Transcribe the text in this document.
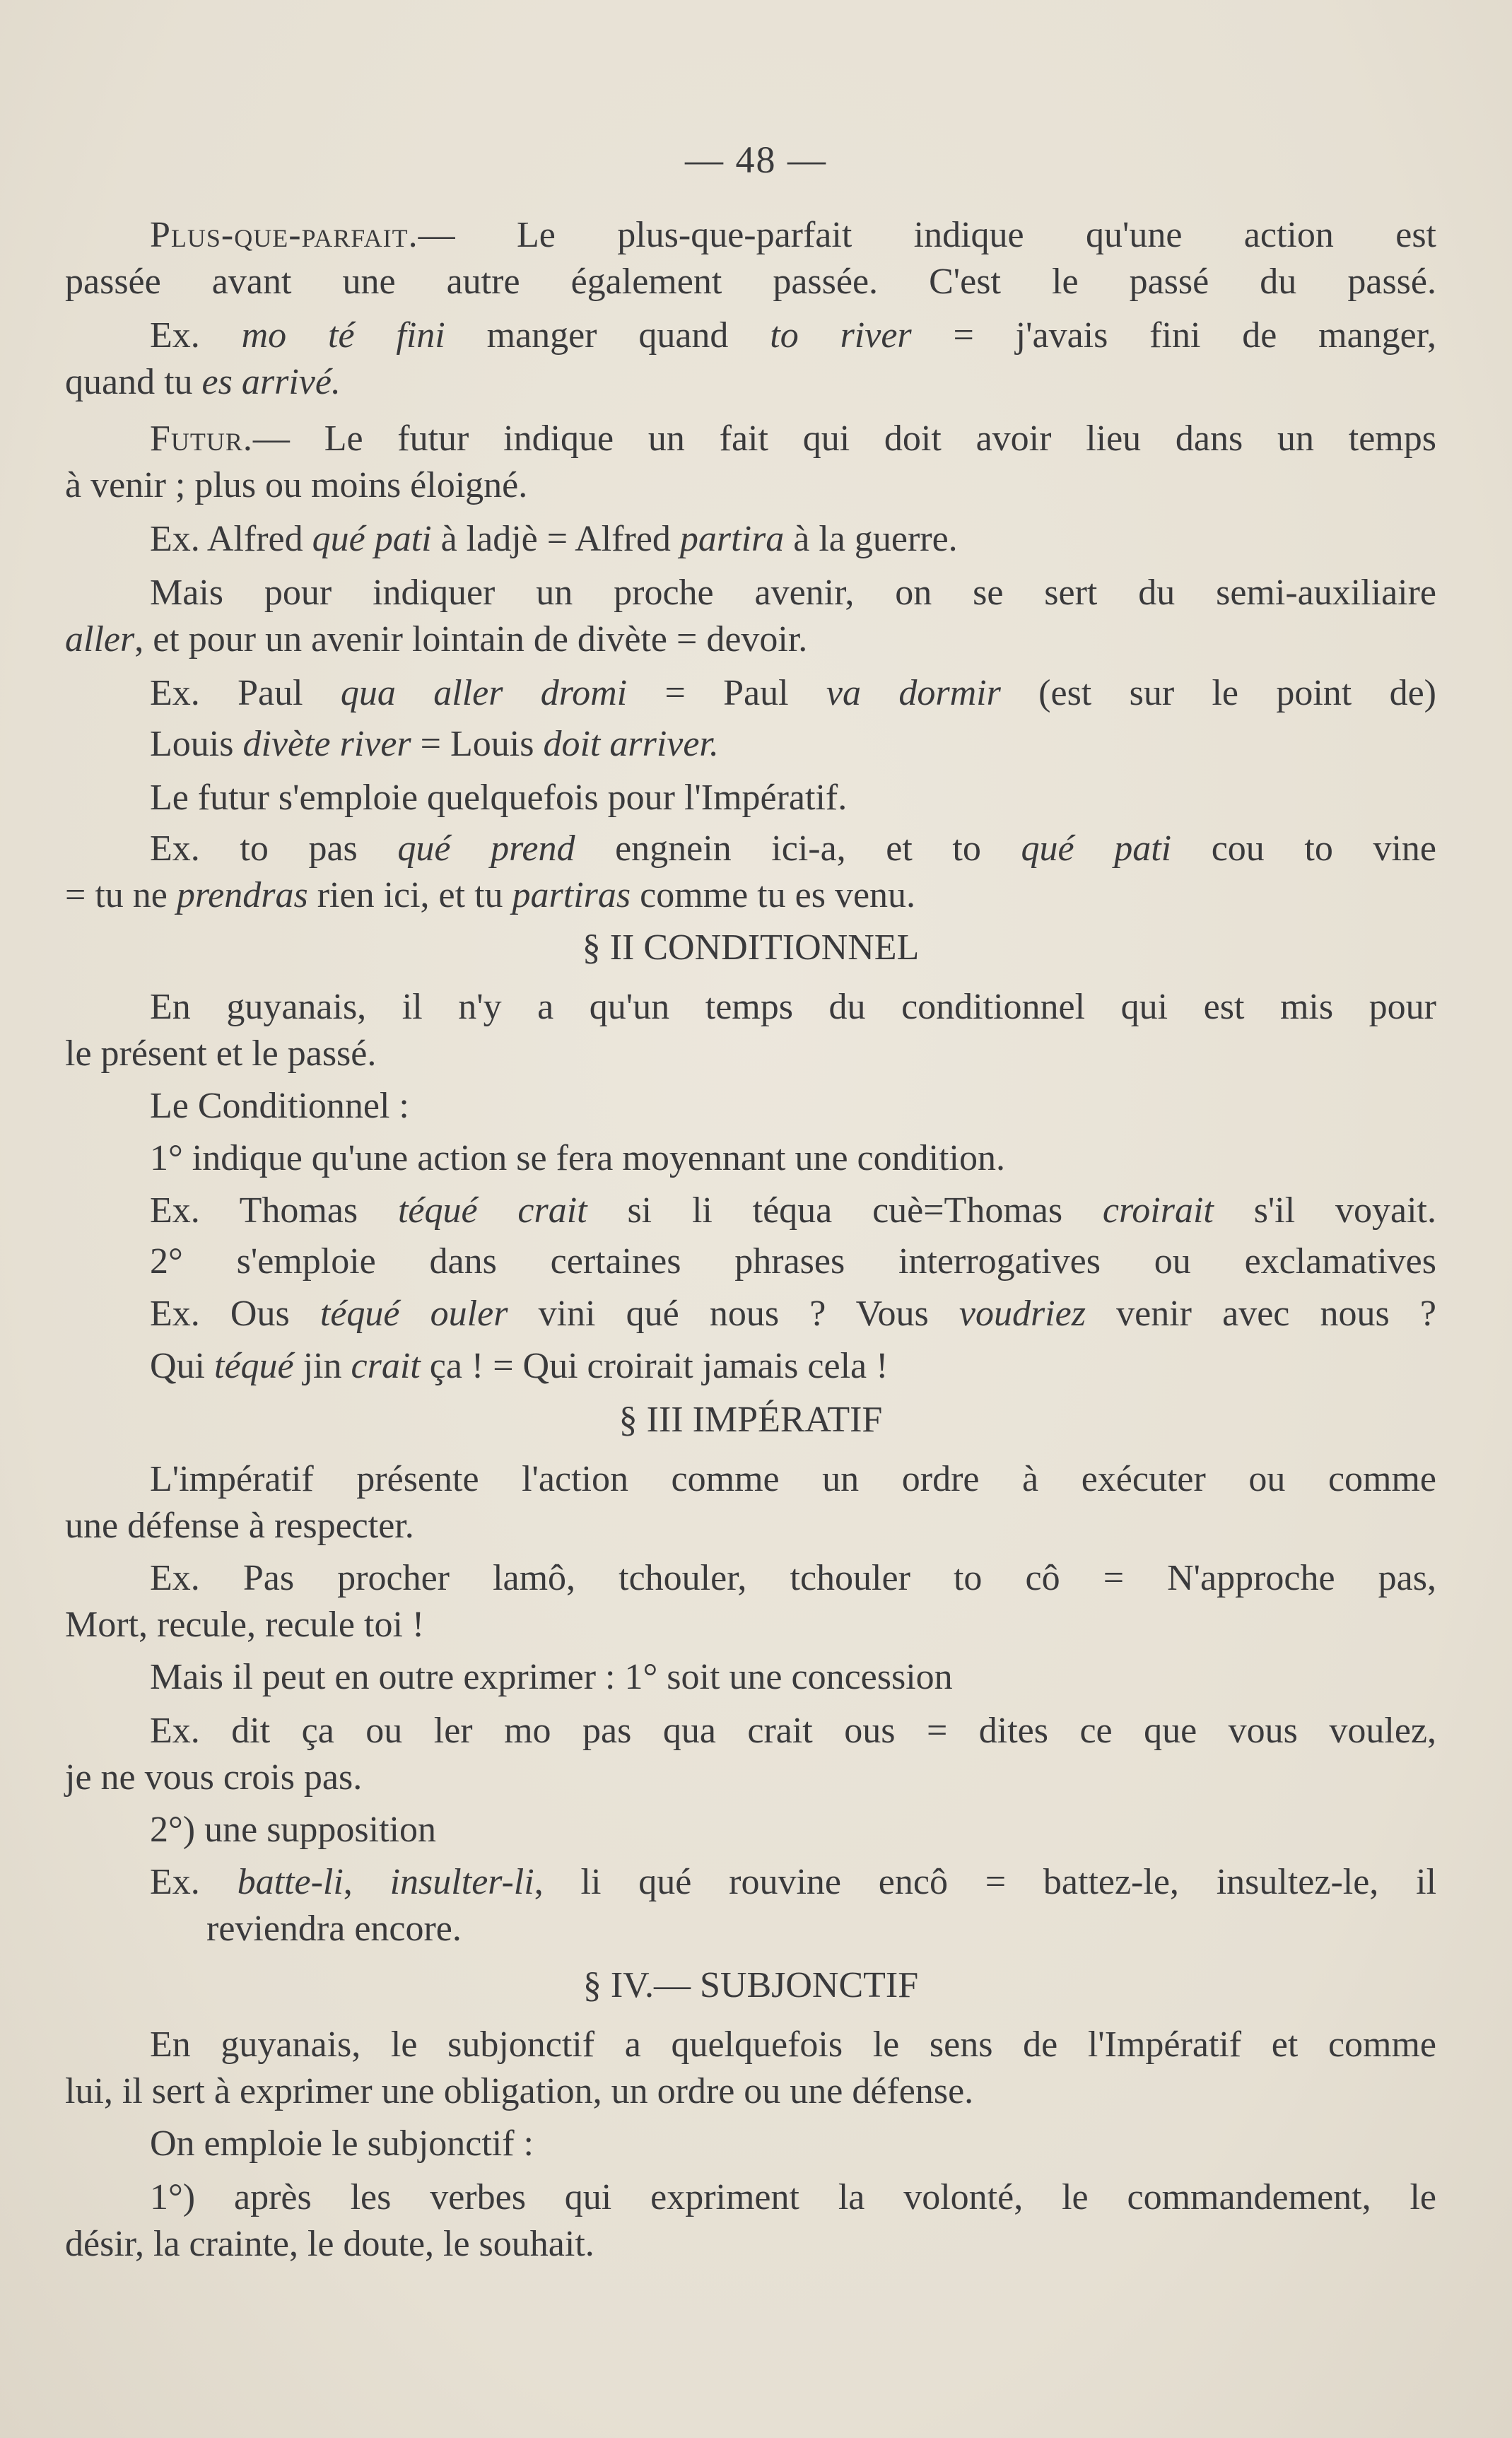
— 48 —
Plus-que-parfait.— Le plus-que-parfait indique qu'une action est
passée avant une autre également passée. C'est le passé du passé.
Ex. mo té fini manger quand to river = j'avais fini de manger,
quand tu es arrivé.
Futur.— Le futur indique un fait qui doit avoir lieu dans un temps
à venir ; plus ou moins éloigné.
Ex. Alfred qué pati à ladjè = Alfred partira à la guerre.
Mais pour indiquer un proche avenir, on se sert du semi-auxiliaire
aller, et pour un avenir lointain de divète = devoir.
Ex. Paul qua aller dromi = Paul va dormir (est sur le point de)
Louis divète river = Louis doit arriver.
Le futur s'emploie quelquefois pour l'Impératif.
Ex. to pas qué prend engnein ici-a, et to qué pati cou to vine
= tu ne prendras rien ici, et tu partiras comme tu es venu.
§ II CONDITIONNEL
En guyanais, il n'y a qu'un temps du conditionnel qui est mis pour
le présent et le passé.
Le Conditionnel :
1° indique qu'une action se fera moyennant une condition.
Ex. Thomas téqué crait si li téqua cuè=Thomas croirait s'il voyait.
2° s'emploie dans certaines phrases interrogatives ou exclamatives
Ex. Ous téqué ouler vini qué nous ? Vous voudriez venir avec nous ?
Qui téqué jin crait ça ! = Qui croirait jamais cela !
§ III IMPÉRATIF
L'impératif présente l'action comme un ordre à exécuter ou comme
une défense à respecter.
Ex. Pas procher lamô, tchouler, tchouler to cô = N'approche pas,
Mort, recule, recule toi !
Mais il peut en outre exprimer : 1° soit une concession
Ex. dit ça ou ler mo pas qua crait ous = dites ce que vous voulez,
je ne vous crois pas.
2°) une supposition
Ex. batte-li, insulter-li, li qué rouvine encô = battez-le, insultez-le, il
reviendra encore.
§ IV.— SUBJONCTIF
En guyanais, le subjonctif a quelquefois le sens de l'Impératif et comme
lui, il sert à exprimer une obligation, un ordre ou une défense.
On emploie le subjonctif :
1°) après les verbes qui expriment la volonté, le commandement, le
désir, la crainte, le doute, le souhait.
